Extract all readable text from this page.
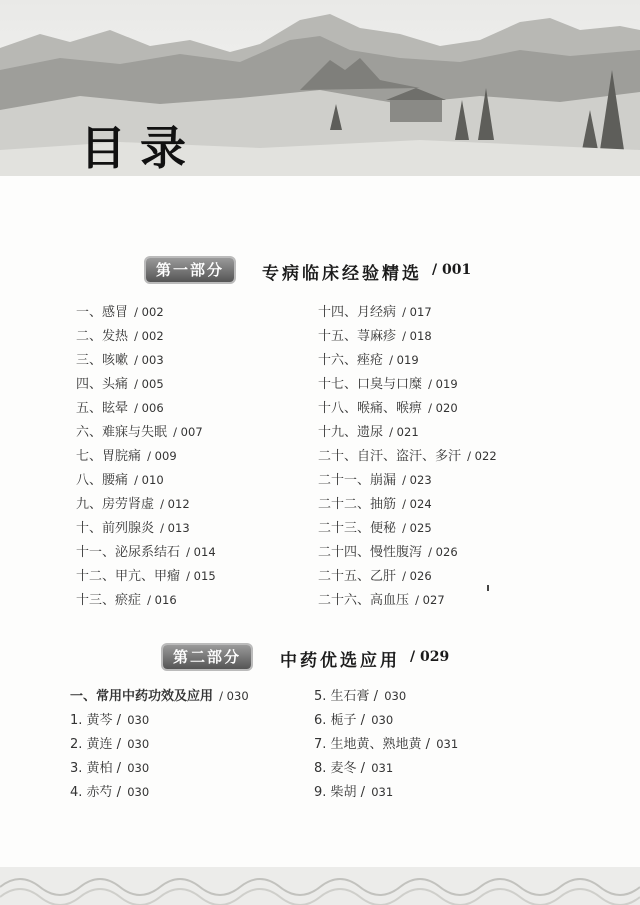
目录
第一部分	专病临床经验精选 / 001
一、感冒 / 002
二、发热 / 002
三、咳嗽 / 003
四、头痛 / 005
五、眩晕 / 006
六、难寐与失眠 / 007
七、胃脘痛 / 009
八、腰痛 / 010
九、房劳肾虚 / 012
十、前列腺炎 / 013
十一、泌尿系结石 / 014
十二、甲亢、甲瘤 / 015
十三、瘀症 / 016
十四、月经病 / 017
十五、荨麻疹 / 018
十六、痤疮 / 019
十七、口臭与口糜 / 019
十八、喉痛、喉痹 / 020
十九、遗尿 / 021
二十、自汗、盗汗、多汗 / 022
二十一、崩漏 / 023
二十二、抽筋 / 024
二十三、便秘 / 025
二十四、慢性腹泻 / 026
二十五、乙肝 / 026
二十六、高血压 / 027
第二部分	中药优选应用 / 029
一、常用中药功效及应用 / 030
1. 黄芩 / 030
2. 黄连 / 030
3. 黄柏 / 030
4. 赤芍 / 030
5. 生石膏 / 030
6. 栀子 / 030
7. 生地黄、熟地黄 / 031
8. 麦冬 / 031
9. 柴胡 / 031
